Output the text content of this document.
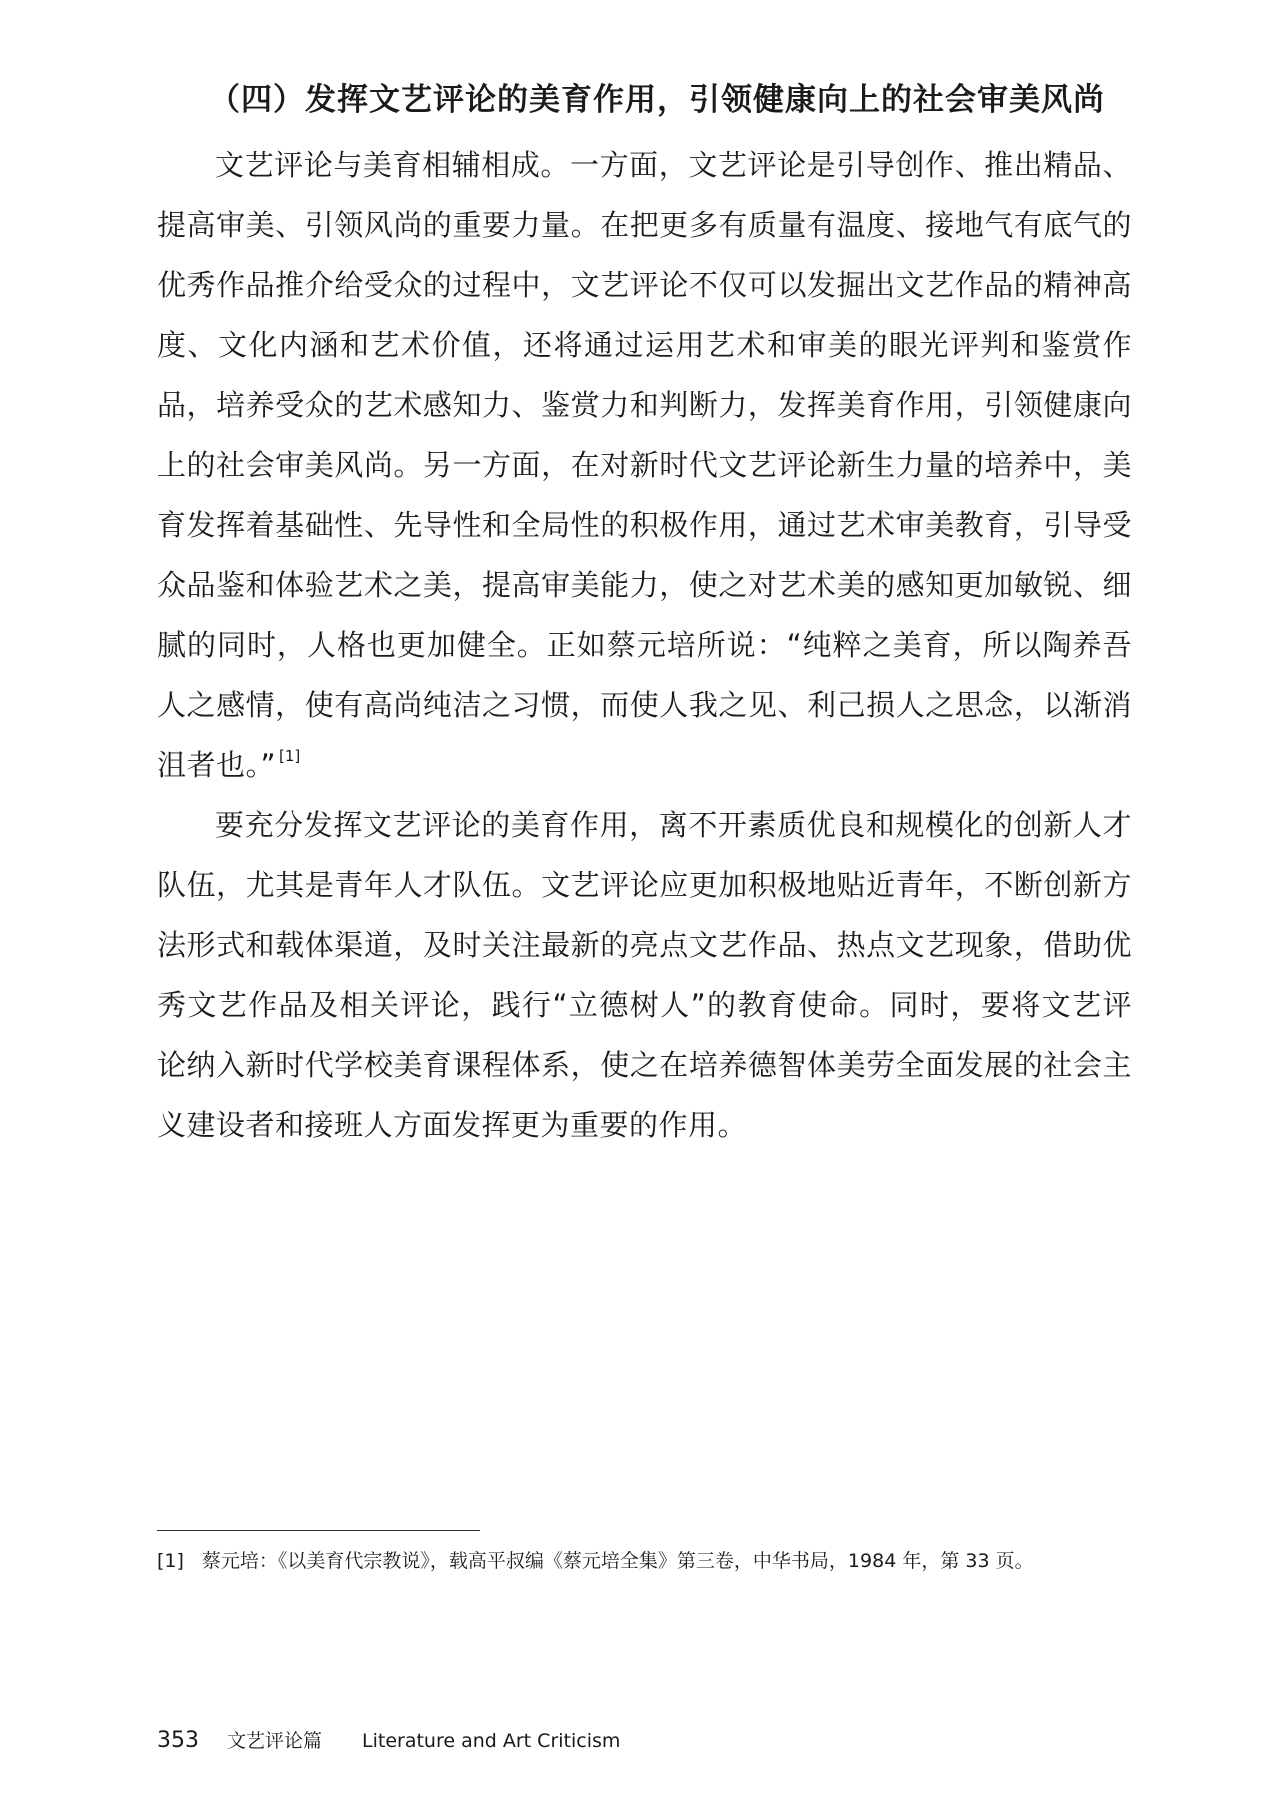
（四）发挥文艺评论的美育作用，引领健康向上的社会审美风尚

文艺评论与美育相辅相成。一方面，文艺评论是引导创作、推出精品、提高审美、引领风尚的重要力量。在把更多有质量有温度、接地气有底气的优秀作品推介给受众的过程中，文艺评论不仅可以发掘出文艺作品的精神高度、文化内涵和艺术价值，还将通过运用艺术和审美的眼光评判和鉴赏作品，培养受众的艺术感知力、鉴赏力和判断力，发挥美育作用，引领健康向上的社会审美风尚。另一方面，在对新时代文艺评论新生力量的培养中，美育发挥着基础性、先导性和全局性的积极作用，通过艺术审美教育，引导受众品鉴和体验艺术之美，提高审美能力，使之对艺术美的感知更加敏锐、细腻的同时，人格也更加健全。正如蔡元培所说：“纯粹之美育，所以陶养吾人之感情，使有高尚纯洁之习惯，而使人我之见、利己损人之思念，以渐消沮者也。” [1]

要充分发挥文艺评论的美育作用，离不开素质优良和规模化的创新人才队伍，尤其是青年人才队伍。文艺评论应更加积极地贴近青年，不断创新方法形式和载体渠道，及时关注最新的亮点文艺作品、热点文艺现象，借助优秀文艺作品及相关评论，践行“立德树人”的教育使命。同时，要将文艺评论纳入新时代学校美育课程体系，使之在培养德智体美劳全面发展的社会主义建设者和接班人方面发挥更为重要的作用。

[1] 蔡元培：《以美育代宗教说》，载高平叔编《蔡元培全集》第三卷，中华书局，1984 年，第 33 页。

353 文艺评论篇 Literature and Art Criticism
